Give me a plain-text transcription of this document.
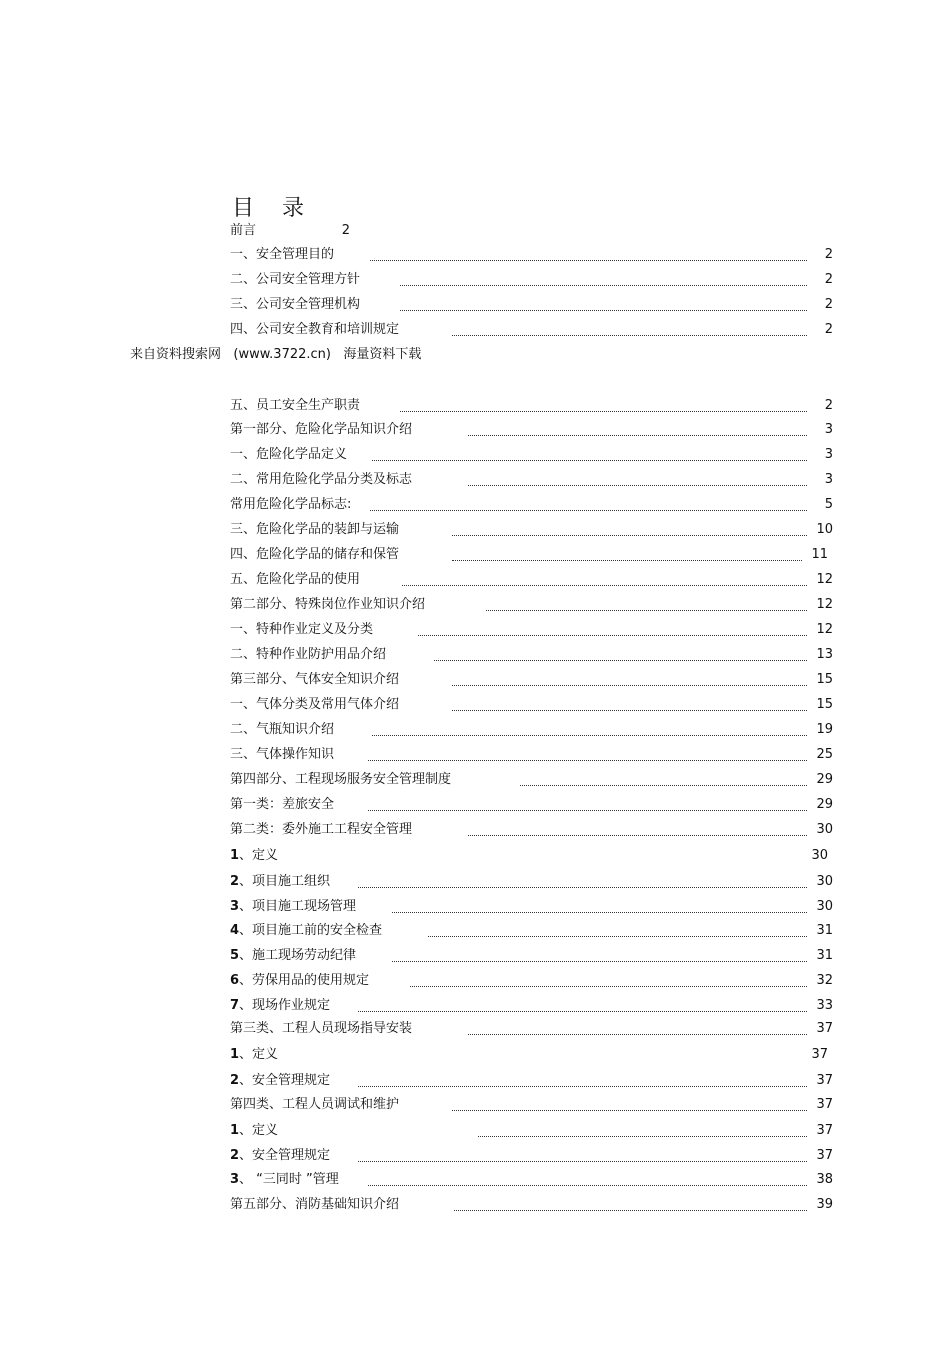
目    录
前言	2
来自资料搜索网   (www.3722.cn)   海量资料下载
一、安全管理目的	2
二、公司安全管理方针	2
三、公司安全管理机构	2
四、公司安全教育和培训规定	2
五、员工安全生产职责	2
第一部分、危险化学品知识介绍	3
一、危险化学品定义	3
二、常用危险化学品分类及标志	3
常用危险化学品标志:	5
三、危险化学品的装卸与运输	10
四、危险化学品的储存和保管	11
五、危险化学品的使用	12
第二部分、特殊岗位作业知识介绍	12
一、特种作业定义及分类	12
二、特种作业防护用品介绍	13
第三部分、气体安全知识介绍	15
一、气体分类及常用气体介绍	15
二、气瓶知识介绍	19
三、气体操作知识	25
第四部分、工程现场服务安全管理制度	29
第一类：差旅安全	29
第二类：委外施工工程安全管理	30
1、定义	30
2、项目施工组织	30
3、项目施工现场管理	30
4、项目施工前的安全检查	31
5、施工现场劳动纪律	31
6、劳保用品的使用规定	32
7、现场作业规定	33
第三类、工程人员现场指导安装	37
1、定义	37
2、安全管理规定	37
第四类、工程人员调试和维护	37
1、定义	37
2、安全管理规定	37
3、 “三同时 ”管理	38
第五部分、消防基础知识介绍	39
